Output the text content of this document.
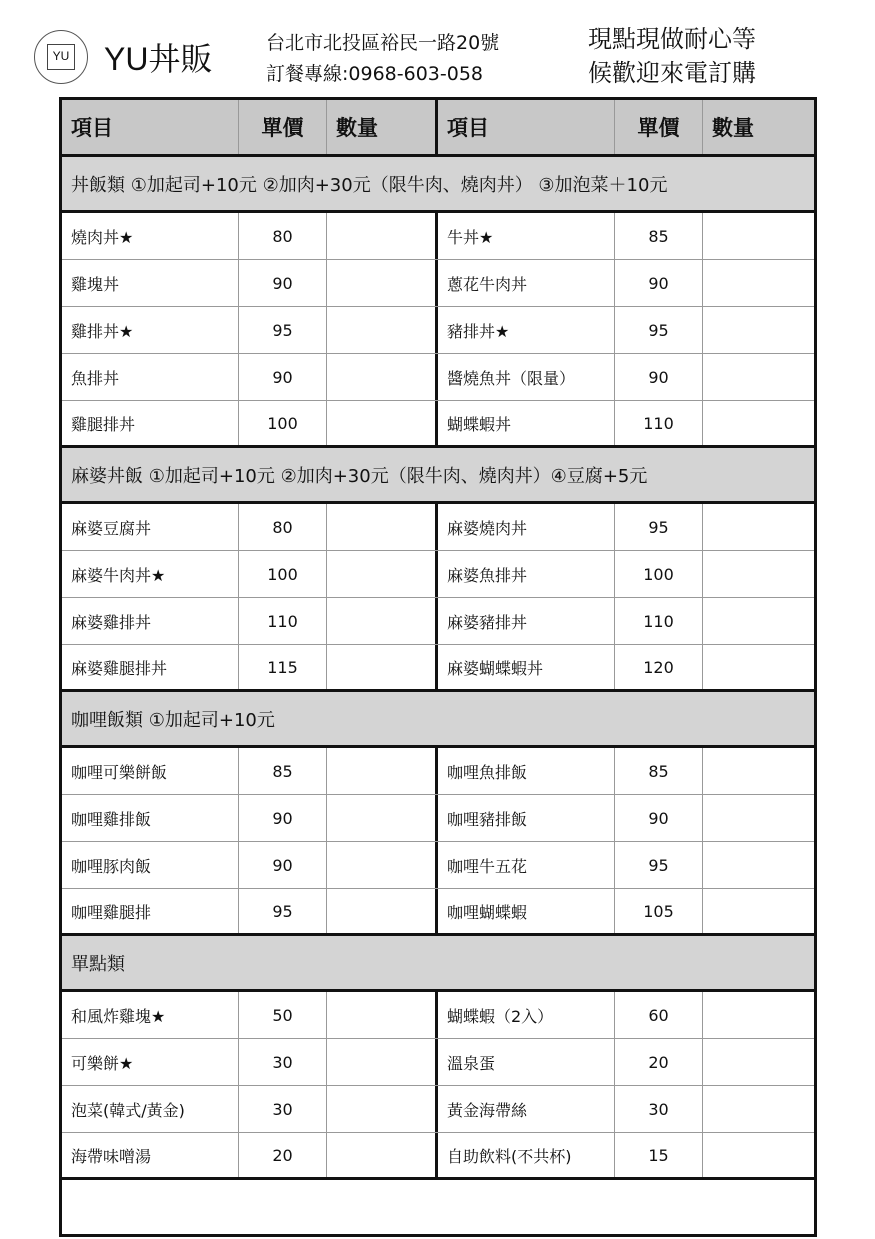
YU YU丼販	台北市北投區裕民一路20號
訂餐專線:0968-603-058
現點現做耐心等
候歡迎來電訂購
項目	單價	數量	項目	單價	數量
丼飯類 ①加起司+10元 ②加肉+30元（限牛肉、燒肉丼） ③加泡菜＋10元
燒肉丼★	80	牛丼★	85
雞塊丼	90	蔥花牛肉丼	90
雞排丼★	95	豬排丼★	95
魚排丼	90	醬燒魚丼（限量）	90
雞腿排丼	100	蝴蝶蝦丼	110
麻婆丼飯 ①加起司+10元 ②加肉+30元（限牛肉、燒肉丼）④豆腐+5元
麻婆豆腐丼	80	麻婆燒肉丼	95
麻婆牛肉丼★	100	麻婆魚排丼	100
麻婆雞排丼	110	麻婆豬排丼	110
麻婆雞腿排丼	115	麻婆蝴蝶蝦丼	120
咖哩飯類 ①加起司+10元
咖哩可樂餅飯	85	咖哩魚排飯	85
咖哩雞排飯	90	咖哩豬排飯	90
咖哩豚肉飯	90	咖哩牛五花	95
咖哩雞腿排	95	咖哩蝴蝶蝦	105
單點類
和風炸雞塊★	50	蝴蝶蝦（2入）	60
可樂餅★	30	溫泉蛋	20
泡菜(韓式/黃金)	30	黃金海帶絲	30
海帶味噌湯	20	自助飲料(不共杯)	15
